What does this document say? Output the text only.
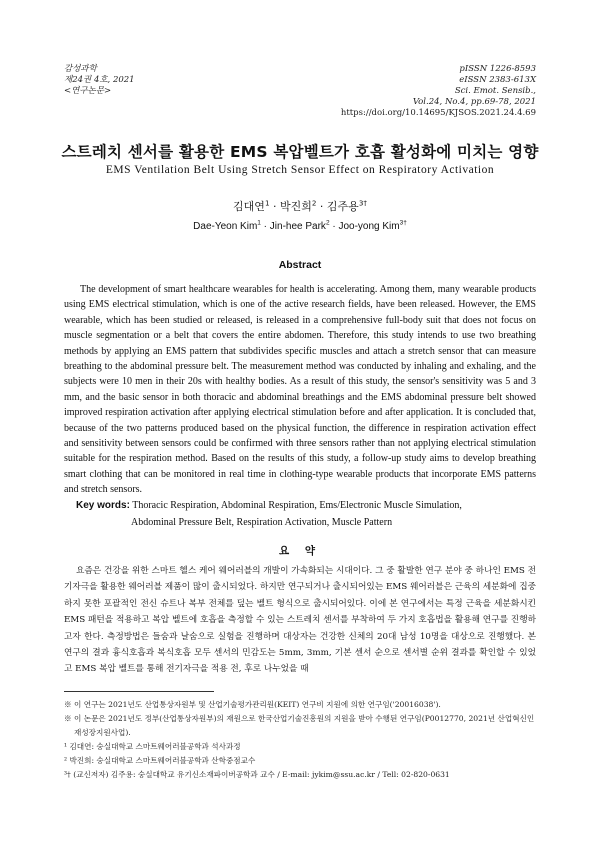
감성과학
제24권 4호, 2021
<연구논문>
pISSN 1226-8593
eISSN 2383-613X
Sci. Emot. Sensib.,
Vol.24, No.4, pp.69-78, 2021
https://doi.org/10.14695/KJSOS.2021.24.4.69
스트레치 센서를 활용한 EMS 복압벨트가 호흡 활성화에 미치는 영향
EMS Ventilation Belt Using Stretch Sensor Effect on Respiratory Activation
김대연$^1$ · 박진희$^2$ · 김주용$^{3\dagger}$
Dae-Yeon Kim$^1$ · Jin-hee Park$^2$ · Joo-yong Kim$^{3\dagger}$
Abstract

The development of smart healthcare wearables for health is accelerating. Among them, many wearable products using EMS electrical stimulation, which is one of the active research fields, have been released. However, the EMS wearable, which has been studied or released, is released in a comprehensive full-body suit that does not focus on muscle segmentation or a belt that covers the entire abdomen. Therefore, this study intends to use two breathing methods by applying an EMS pattern that subdivides specific muscles and attach a stretch sensor that can measure breathing to the abdominal pressure belt. The measurement method was conducted by inhaling and exhaling, and the subjects were 10 men in their 20s with healthy bodies. As a result of this study, the sensor's sensitivity was 5 and 3 mm, and the basic sensor in both thoracic and abdominal breathings and the EMS abdominal pressure belt showed improved respiration activation after applying electrical stimulation before and after application. It is concluded that, because of the two patterns produced based on the physical function, the difference in respiration activation effect and sensitivity between sensors could be confirmed with three sensors rather than not applying electrical stimulation suitable for the respiration method. Based on the results of this study, a follow-up study aims to develop breathing smart clothing that can be monitored in real time in clothing-type wearable products that incorporate EMS patterns and stretch sensors.

Key words: Thoracic Respiration, Abdominal Respiration, Ems/Electronic Muscle Simulation,
Abdominal Pressure Belt, Respiration Activation, Muscle Pattern
요 약

요즘은 건강을 위한 스마트 헬스 케어 웨어러블의 개발이 가속화되는 시대이다. 그 중 활발한 연구 분야 중 하나인 EMS 전기자극을 활용한 웨어러블 제품이 많이 출시되었다. 하지만 연구되거나 출시되어있는 EMS 웨어러블은 근육의 세분화에 집중하지 못한 포괄적인 전신 슈트나 복부 전체를 덮는 벨트 형식으로 출시되어있다. 이에 본 연구에서는 특정 근육을 세분화시킨 EMS 패턴을 적용하고 복압 벨트에 호흡을 측정할 수 있는 스트레치 센서를 부착하여 두 가지 호흡법을 활용해 연구를 진행하고자 한다. 측정방법은 들숨과 날숨으로 실험을 진행하며 대상자는 건강한 신체의 20대 남성 10명을 대상으로 진행했다. 본 연구의 결과 흉식호흡과 복식호흡 모두 센서의 민감도는 5mm, 3mm, 기본 센서 순으로 센서별 순위 결과를 확인할 수 있었고 EMS 복압 벨트를 통해 전기자극을 적용 전, 후로 나누었을 때

※ 이 연구는 2021년도 산업통상자원부 및 산업기술평가관리원(KEIT) 연구비 지원에 의한 연구임('20016038').

※ 이 논문은 2021년도 정부(산업통상자원부)의 재원으로 한국산업기술진흥원의 지원을 받아 수행된 연구임(P0012770, 2021년 산업혁신인재성장지원사업).

¹ 김대연: 숭실대학교 스마트웨어러블공학과 석사과정

² 박진희: 숭실대학교 스마트웨어러블공학과 산학중점교수

³† (교신저자) 김주용: 숭실대학교 유기신소재파이버공학과 교수 / E-mail: jykim@ssu.ac.kr / Tell: 02-820-0631
